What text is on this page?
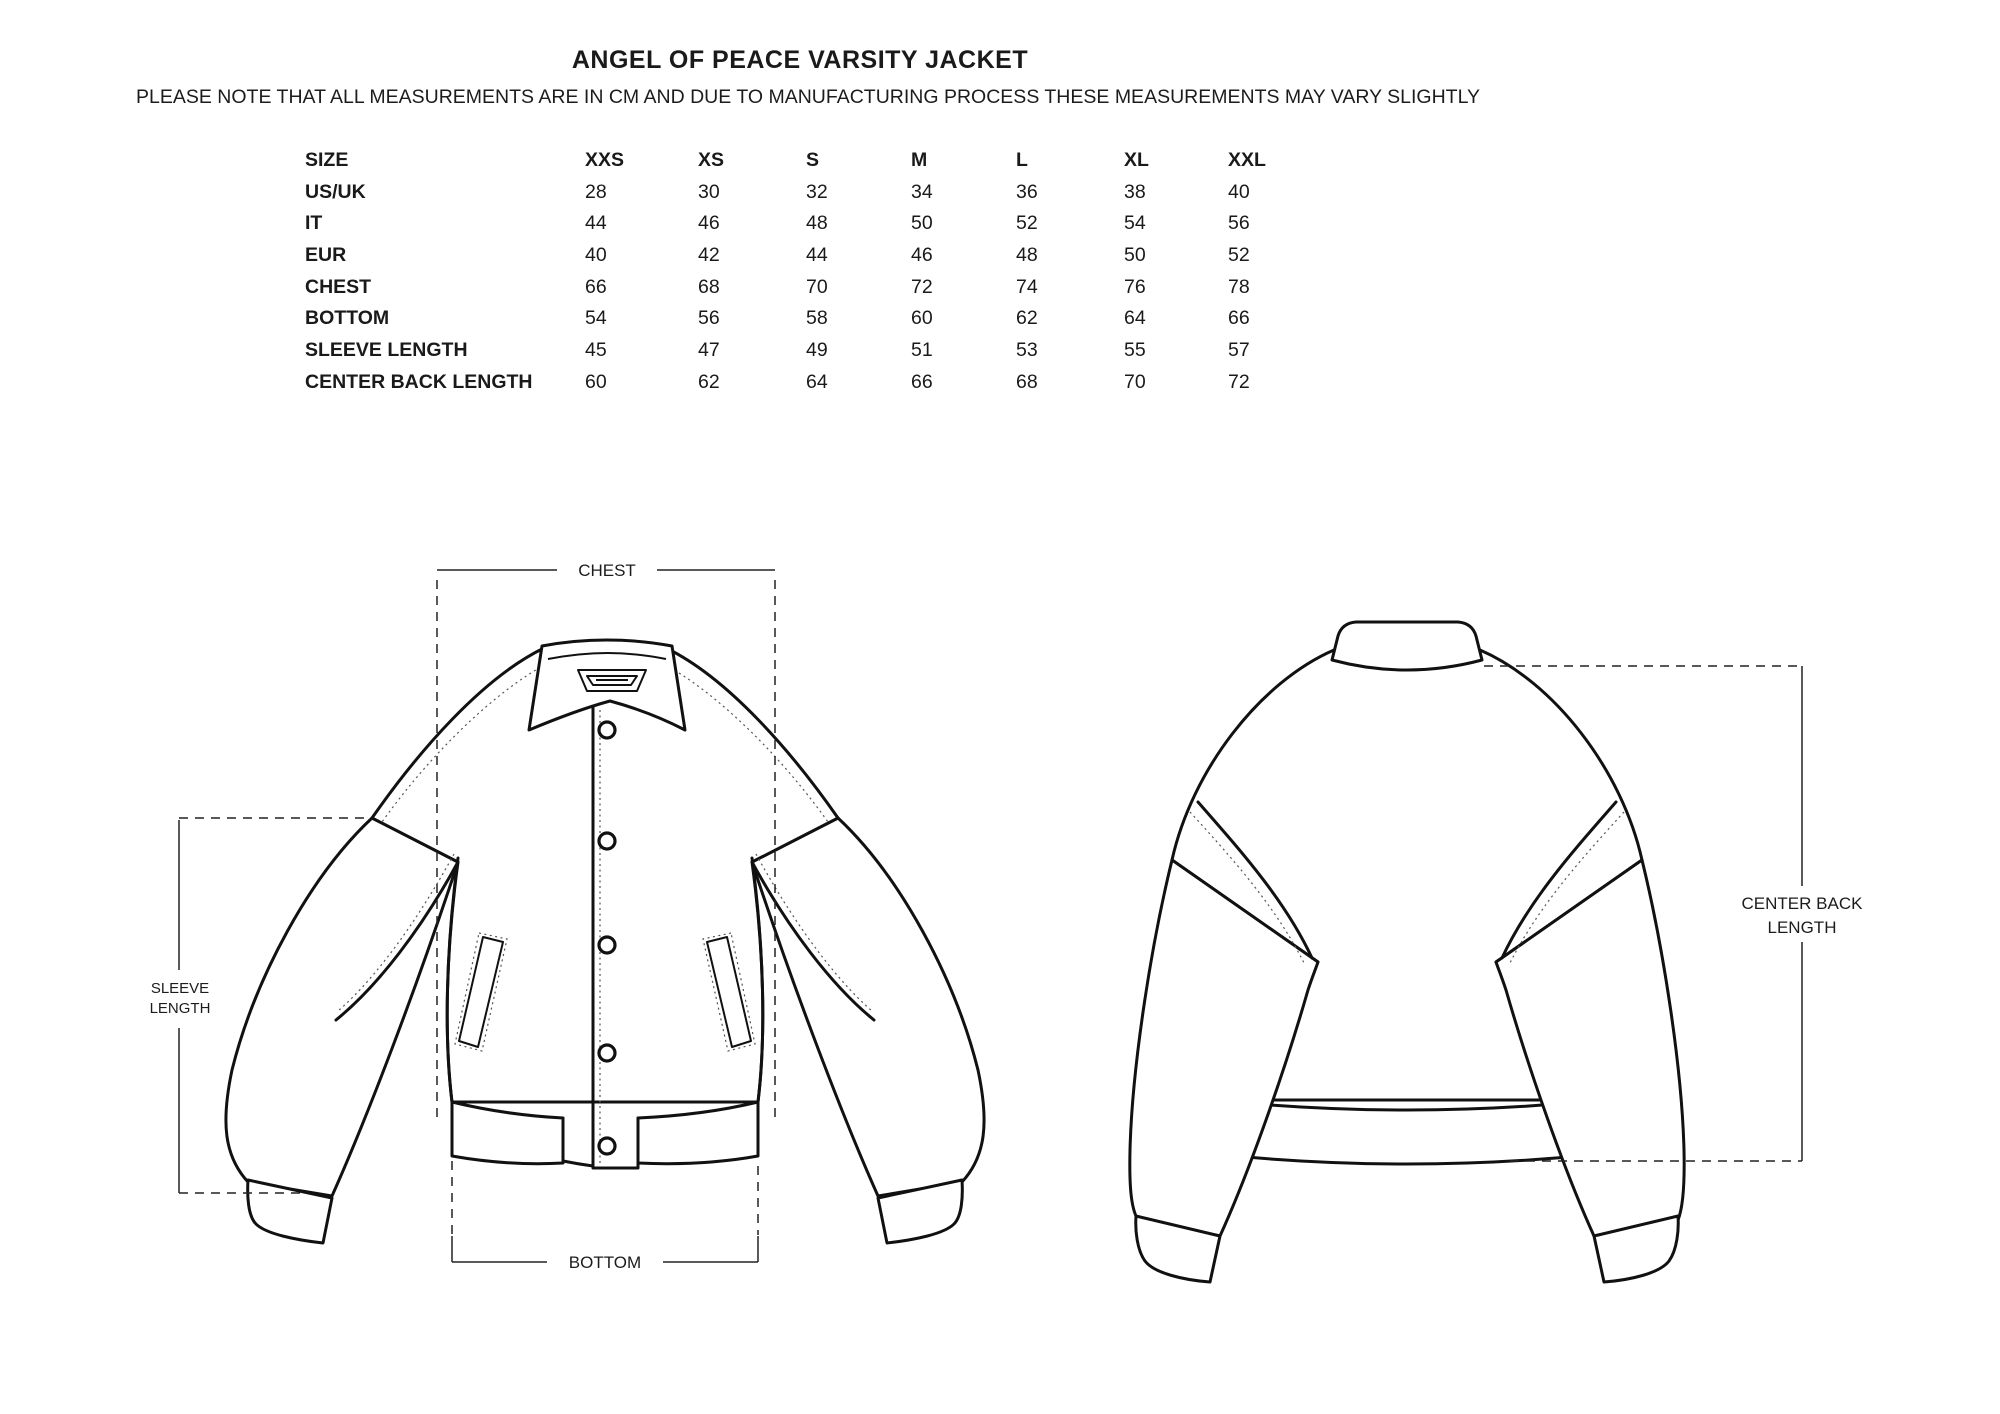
ANGEL OF PEACE VARSITY JACKET
PLEASE NOTE THAT ALL MEASUREMENTS ARE IN CM AND DUE TO MANUFACTURING PROCESS THESE MEASUREMENTS MAY VARY SLIGHTLY
SIZE	XXS	XS	S	M	L	XL	XXL
US/UK	28	30	32	34	36	38	40
IT	44	46	48	50	52	54	56
EUR	40	42	44	46	48	50	52
CHEST	66	68	70	72	74	76	78
BOTTOM	54	56	58	60	62	64	66
SLEEVE LENGTH	45	47	49	51	53	55	57
CENTER BACK LENGTH	60	62	64	66	68	70	72
CHEST
SLEEVE
LENGTH
BOTTOM
CENTER BACK
LENGTH
